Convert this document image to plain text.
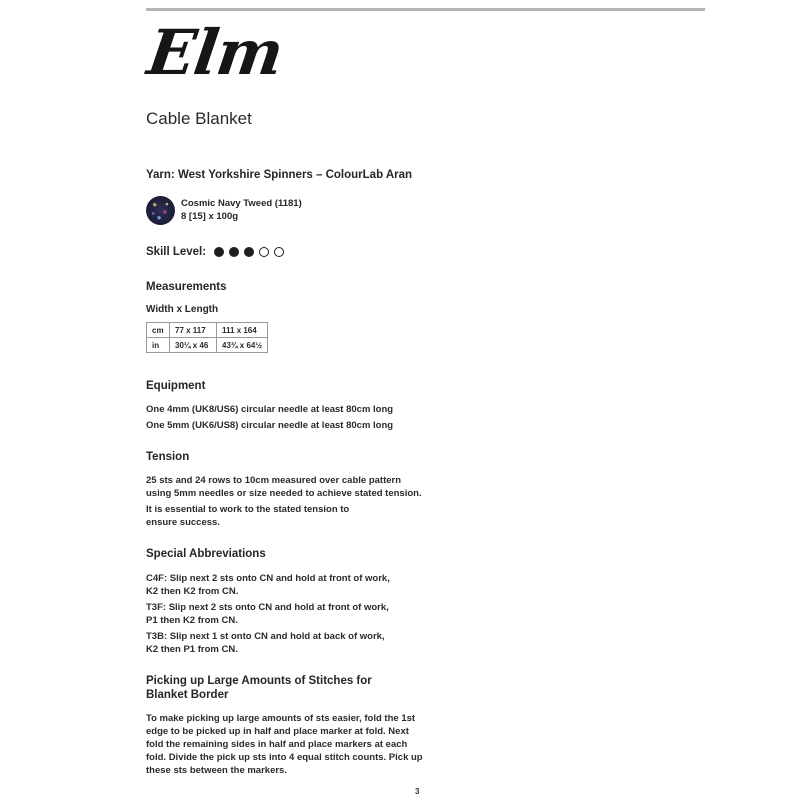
Elm
Cable Blanket
Yarn: West Yorkshire Spinners – ColourLab Aran
Cosmic Navy Tweed (1181)
8 [15] x 100g
Skill Level:
Measurements
Width x Length
cm	77 x 117	111 x 164
in	30¼ x 46	43¾ x 64½
Equipment
One 4mm (UK8/US6) circular needle at least 80cm long
One 5mm (UK6/US8) circular needle at least 80cm long
Tension
25 sts and 24 rows to 10cm measured over cable pattern
using 5mm needles or size needed to achieve stated tension.
It is essential to work to the stated tension to
ensure success.
Special Abbreviations
C4F: Slip next 2 sts onto CN and hold at front of work,
K2 then K2 from CN.
T3F: Slip next 2 sts onto CN and hold at front of work,
P1 then K2 from CN.
T3B: Slip next 1 st onto CN and hold at back of work,
K2 then P1 from CN.
Picking up Large Amounts of Stitches for
Blanket Border
To make picking up large amounts of sts easier, fold the 1st
edge to be picked up in half and place marker at fold. Next
fold the remaining sides in half and place markers at each
fold. Divide the pick up sts into 4 equal stitch counts. Pick up
these sts between the markers.
3
